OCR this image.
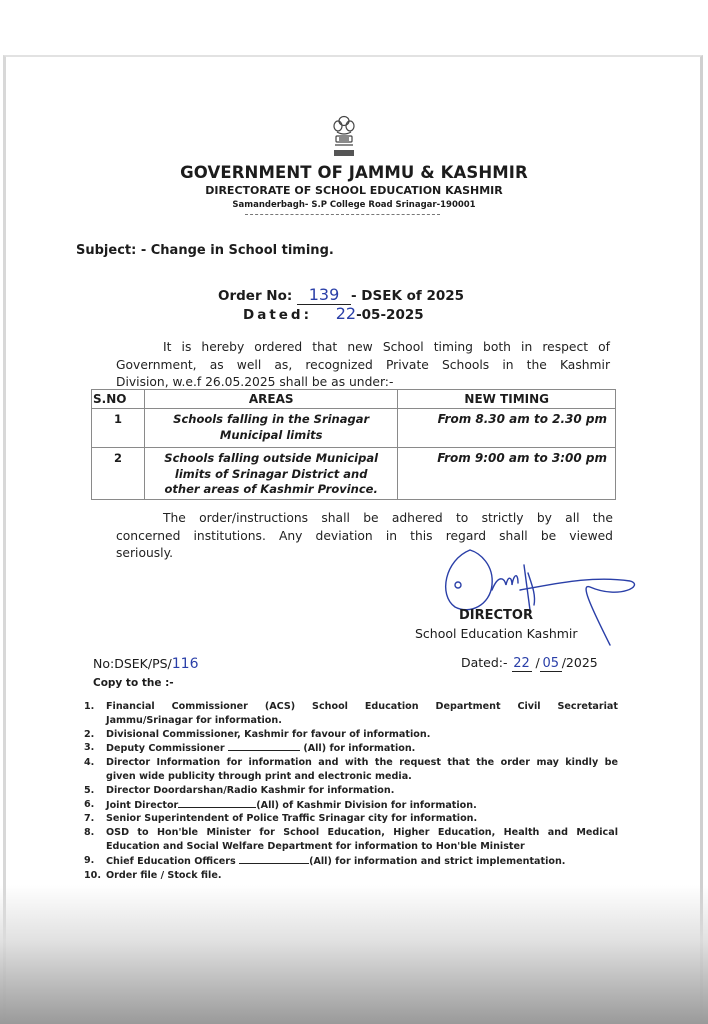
GOVERNMENT OF JAMMU & KASHMIR
DIRECTORATE OF SCHOOL EDUCATION KASHMIR
Samanderbagh- S.P College Road Srinagar-190001
Subject: - Change in School timing.
Order No: 139 - DSEK of 2025
Dated: 22-05-2025
It is hereby ordered that new School timing both in respect of
Government, as well as, recognized Private Schools in the Kashmir
Division, w.e.f 26.05.2025 shall be as under:-
S.NO	AREAS	NEW TIMING
1	Schools falling in the Srinagar
Municipal limits	From 8.30 am to 2.30 pm
2	Schools falling outside Municipal
limits of Srinagar District and
other areas of Kashmir Province.	From 9:00 am to 3:00 pm
The order/instructions shall be adhered to strictly by all the
concerned institutions. Any deviation in this regard shall be viewed
seriously.
DIRECTOR
School Education Kashmir
No:DSEK/PS/116	Dated:- 22 / 05 /2025
Copy to the :-
1. Financial Commissioner (ACS) School Education Department Civil Secretariat
Jammu/Srinagar for information.
2. Divisional Commissioner, Kashmir for favour of information.
3. Deputy Commissioner	(All) for information.
4. Director Information for information and with the request that the order may kindly be
given wide publicity through print and electronic media.
5. Director Doordarshan/Radio Kashmir for information.
6. Joint Director	(All) of Kashmir Division for information.
7. Senior Superintendent of Police Traffic Srinagar city for information.
8. OSD to Hon'ble Minister for School Education, Higher Education, Health and Medical
Education and Social Welfare Department for information to Hon'ble Minister
9. Chief Education Officers	(All) for information and strict implementation.
10. Order file / Stock file.
